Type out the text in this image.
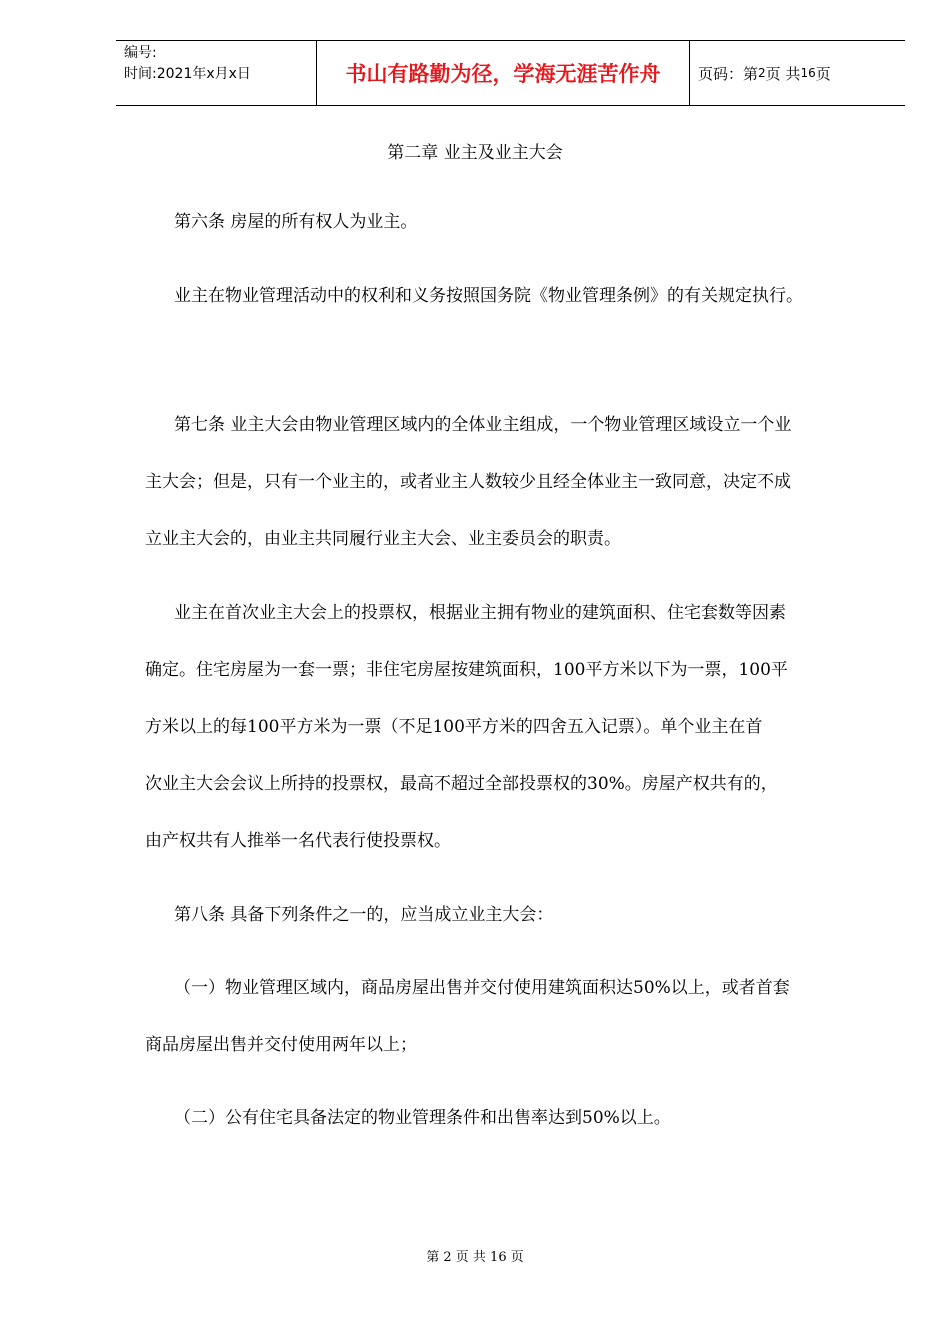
编号:
时间:2021年x月x日	书山有路勤为径，学海无涯苦作舟	页码：第 2 页 共 16 页
第二章 业主及业主大会
第六条 房屋的所有权人为业主。
业主在物业管理活动中的权利和义务按照国务院《物业管理条例》的有关规定执行。
第七条 业主大会由物业管理区域内的全体业主组成，一个物业管理区域设立一个业
主大会；但是，只有一个业主的，或者业主人数较少且经全体业主一致同意，决定不成
立业主大会的，由业主共同履行业主大会、业主委员会的职责。
业主在首次业主大会上的投票权，根据业主拥有物业的建筑面积、住宅套数等因素
确定。住宅房屋为一套一票；非住宅房屋按建筑面积，100平方米以下为一票，100平
方米以上的每100平方米为一票（不足100平方米的四舍五入记票）。单个业主在首
次业主大会会议上所持的投票权，最高不超过全部投票权的30%。房屋产权共有的，
由产权共有人推举一名代表行使投票权。
第八条 具备下列条件之一的，应当成立业主大会：
（一）物业管理区域内，商品房屋出售并交付使用建筑面积达50%以上，或者首套
商品房屋出售并交付使用两年以上；
（二）公有住宅具备法定的物业管理条件和出售率达到50%以上。
第 2 页 共 16 页
